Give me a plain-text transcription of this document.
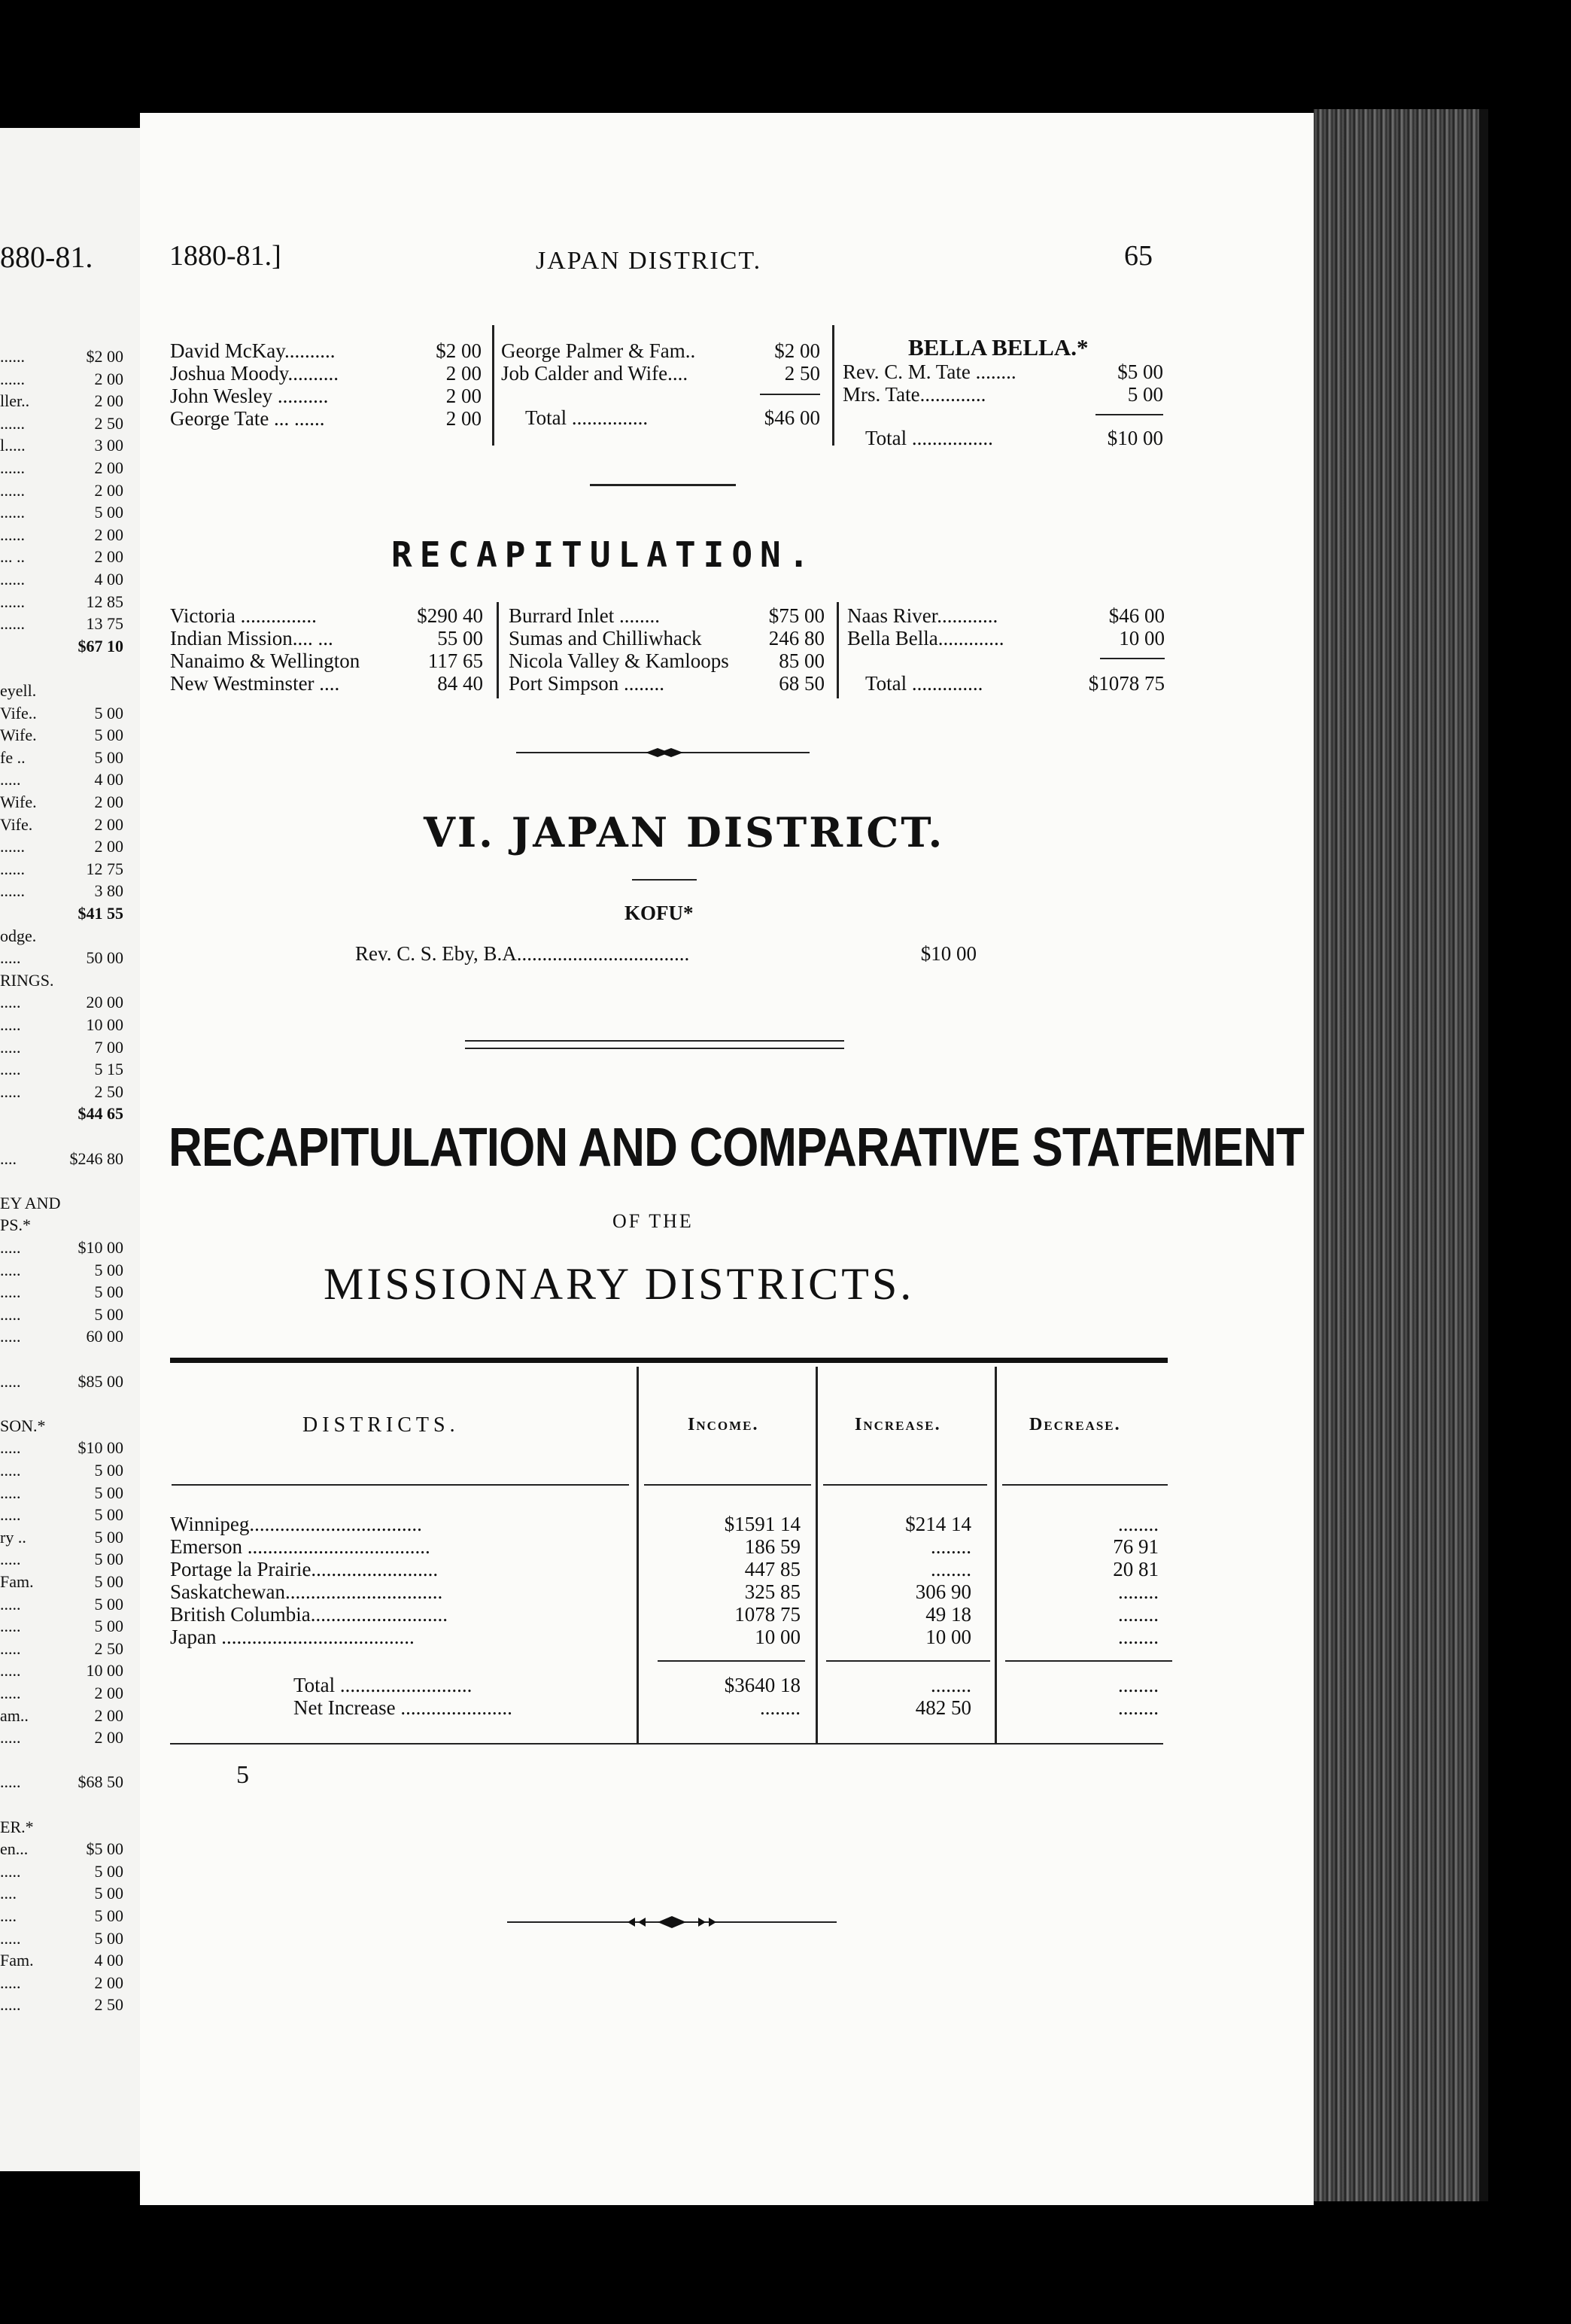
......	$2 00
......	2 00
ller..	2 00
......	2 50
l.....	3 00
......	2 00
......	2 00
......	5 00
......	2 00
... ..	2 00
......	4 00
......	12 85
......	13 75
$67 10
eyell.
Vife..	5 00
Wife.	5 00
fe ..	5 00
.....	4 00
Wife.	2 00
Vife.	2 00
......	2 00
......	12 75
......	3 80
$41 55
odge.
.....	50 00
RINGS.
.....	20 00
.....	10 00
.....	7 00
.....	5 15
.....	2 50
$44 65
....	$246 80
EY AND
PS.*
.....	$10 00
.....	5 00
.....	5 00
.....	5 00
.....	60 00
.....	$85 00
SON.*
.....	$10 00
.....	5 00
.....	5 00
.....	5 00
ry ..	5 00
.....	5 00
Fam.	5 00
.....	5 00
.....	5 00
.....	2 50
.....	10 00
.....	2 00
am..	2 00
.....	2 00
.....	$68 50
ER.*
en...	$5 00
.....	5 00
....	5 00
....	5 00
.....	5 00
Fam.	4 00
.....	2 00
.....	2 50
880-81.	1880-81.]	JAPAN DISTRICT.	65
David McKay..........	$2 00
Joshua Moody..........	2 00
John Wesley ..........	2 00
George Tate ... ......	2 00
George Palmer & Fam..	$2 00
Job Calder and Wife....	2 50
Total ...............	$46 00
BELLA BELLA.*
Rev. C. M. Tate ........	$5 00
Mrs. Tate.............	5 00
Total ................	$10 00
RECAPITULATION.
Victoria ...............	$290 40
Indian Mission.... ...	55 00
Nanaimo & Wellington	117 65
New Westminster ....	84 40
Burrard Inlet ........	$75 00
Sumas and Chilliwhack	246 80
Nicola Valley & Kamloops 85 00
Port Simpson ........	68 50
Naas River............	$46 00
Bella Bella.............	10 00
Total ..............	$1078 75
VI. JAPAN DISTRICT.
KOFU*
Rev. C. S. Eby, B.A..................................	$10 00
RECAPITULATION AND COMPARATIVE STATEMENT
OF THE
MISSIONARY DISTRICTS.
DISTRICTS.	Income.	Increase.	Decrease.
Winnipeg..................................	$1591 14	$214 14	........
Emerson ....................................	186 59	........	76 91
Portage la Prairie.........................	447 85	........	20 81
Saskatchewan...............................	325 85	306 90	........
British Columbia...........................	1078 75	49 18	........
Japan ......................................	10 00	10 00	........
Total ..........................	$3640 18	........	........
Net Increase ......................	........	482 50	........
5
